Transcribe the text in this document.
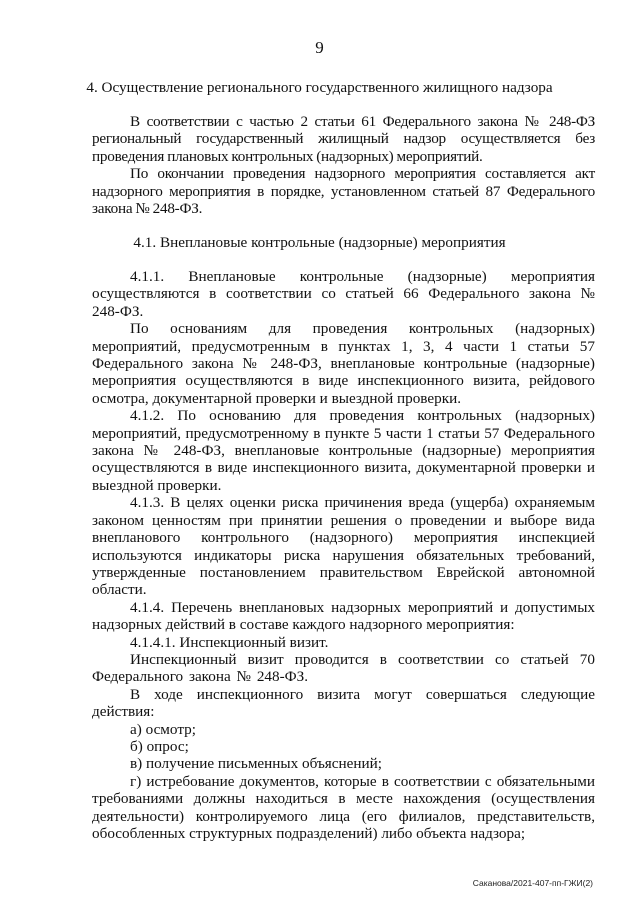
9
4. Осуществление регионального государственного жилищного надзора

В соответствии с частью 2 статьи 61 Федерального закона № 248-ФЗ региональный государственный жилищный надзор осуществляется без проведения плановых контрольных (надзорных) мероприятий.

По окончании проведения надзорного мероприятия составляется акт надзорного мероприятия в порядке, установленном статьей 87 Федерального закона № 248-ФЗ.

4.1. Внеплановые контрольные (надзорные) мероприятия

4.1.1. Внеплановые контрольные (надзорные) мероприятия осуществляются в соответствии со статьей 66 Федерального закона № 248-ФЗ.

По основаниям для проведения контрольных (надзорных) мероприятий, предусмотренным в пунктах 1, 3, 4 части 1 статьи 57 Федерального закона № 248-ФЗ, внеплановые контрольные (надзорные) мероприятия осуществляются в виде инспекционного визита, рейдового осмотра, документарной проверки и выездной проверки.

4.1.2. По основанию для проведения контрольных (надзорных) мероприятий, предусмотренному в пункте 5 части 1 статьи 57 Федерального закона № 248-ФЗ, внеплановые контрольные (надзорные) мероприятия осуществляются в виде инспекционного визита, документарной проверки и выездной проверки.

4.1.3. В целях оценки риска причинения вреда (ущерба) охраняемым законом ценностям при принятии решения о проведении и выборе вида внепланового контрольного (надзорного) мероприятия инспекцией используются индикаторы риска нарушения обязательных требований, утвержденные постановлением правительством Еврейской автономной области.

4.1.4. Перечень внеплановых надзорных мероприятий и допустимых надзорных действий в составе каждого надзорного мероприятия:

4.1.4.1. Инспекционный визит.

Инспекционный визит проводится в соответствии со статьей 70 Федерального закона № 248-ФЗ.

В ходе инспекционного визита могут совершаться следующие действия:

а) осмотр;

б) опрос;

в) получение письменных объяснений;

г) истребование документов, которые в соответствии с обязательными требованиями должны находиться в месте нахождения (осуществления деятельности) контролируемого лица (его филиалов, представительств, обособленных структурных подразделений) либо объекта надзора;

Саканова/2021-407-пп-ГЖИ(2)
